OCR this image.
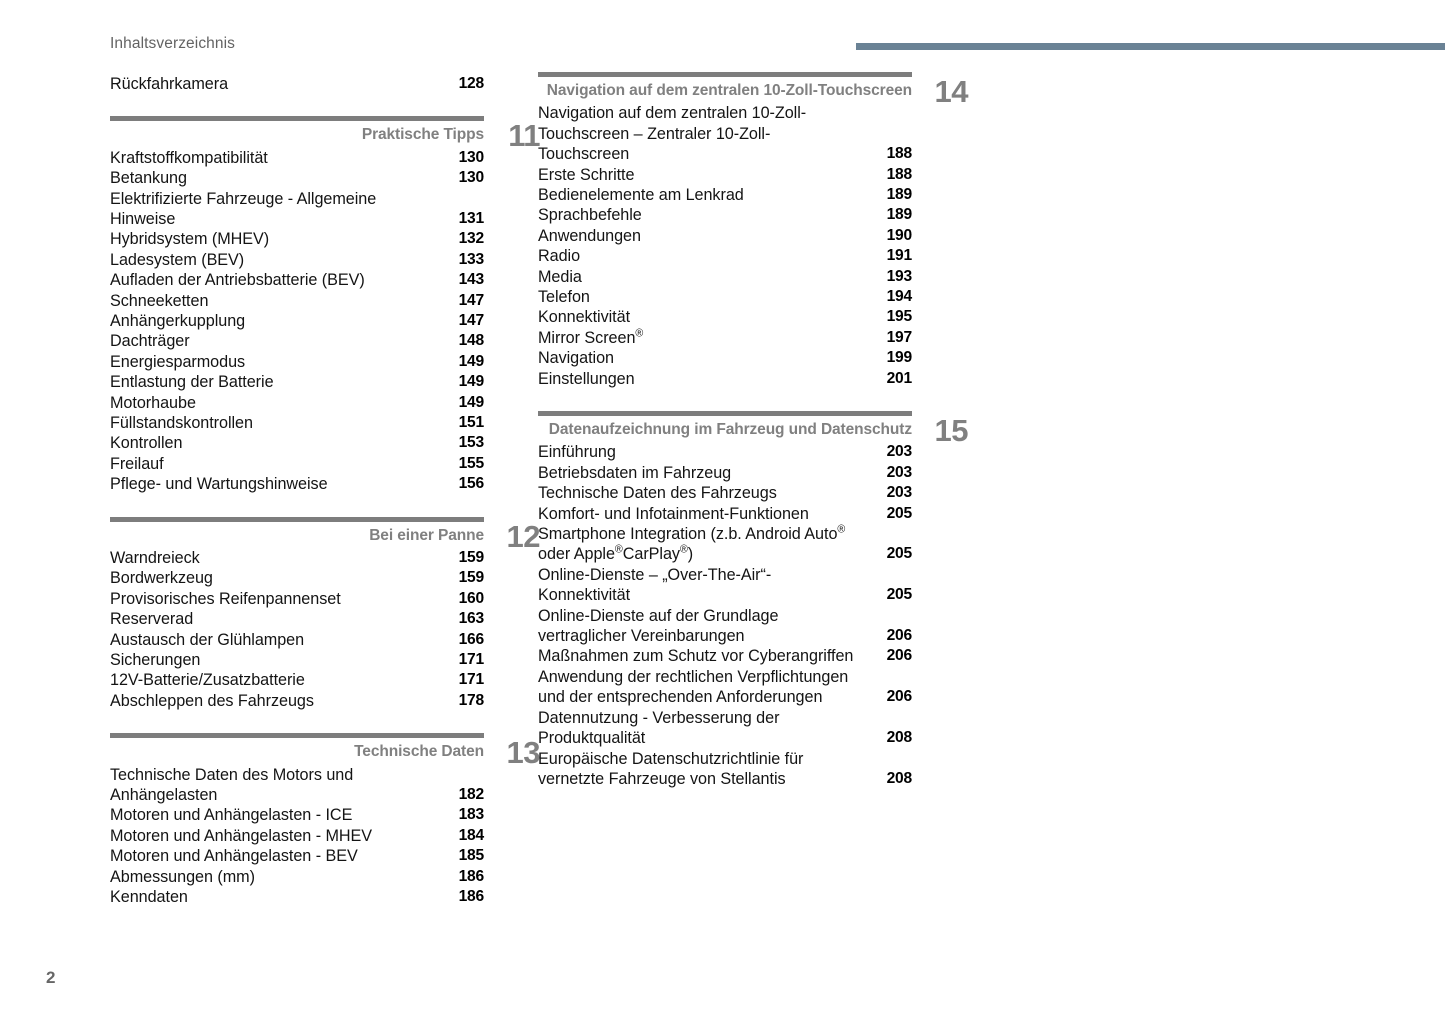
Inhaltsverzeichnis
Rückfahrkamera	128
Praktische Tipps 11
Kraftstoffkompatibilität	130
Betankung	130
Elektrifizierte Fahrzeuge - Allgemeine Hinweise	131
Hybridsystem (MHEV)	132
Ladesystem (BEV)	133
Aufladen der Antriebsbatterie (BEV)	143
Schneeketten	147
Anhängerkupplung	147
Dachträger	148
Energiesparmodus	149
Entlastung der Batterie	149
Motorhaube	149
Füllstandskontrollen	151
Kontrollen	153
Freilauf	155
Pflege- und Wartungshinweise	156
Bei einer Panne 12
Warndreieck	159
Bordwerkzeug	159
Provisorisches Reifenpannenset	160
Reserverad	163
Austausch der Glühlampen	166
Sicherungen	171
12V-Batterie/Zusatzbatterie	171
Abschleppen des Fahrzeugs	178
Technische Daten 13
Technische Daten des Motors und Anhängelasten	182
Motoren und Anhängelasten - ICE	183
Motoren und Anhängelasten - MHEV	184
Motoren und Anhängelasten - BEV	185
Abmessungen (mm)	186
Kenndaten	186
Navigation auf dem zentralen 10-Zoll-Touchscreen 14
Navigation auf dem zentralen 10-Zoll-Touchscreen – Zentraler 10-Zoll-Touchscreen	188
Erste Schritte	188
Bedienelemente am Lenkrad	189
Sprachbefehle	189
Anwendungen	190
Radio	191
Media	193
Telefon	194
Konnektivität	195
Mirror Screen®	197
Navigation	199
Einstellungen	201
Datenaufzeichnung im Fahrzeug und Datenschutz 15
Einführung	203
Betriebsdaten im Fahrzeug	203
Technische Daten des Fahrzeugs	203
Komfort- und Infotainment-Funktionen	205
Smartphone Integration (z.b. Android Auto® oder Apple®CarPlay®)	205
Online-Dienste – „Over-The-Air“-Konnektivität	205
Online-Dienste auf der Grundlage vertraglicher Vereinbarungen	206
Maßnahmen zum Schutz vor Cyberangriffen 206
Anwendung der rechtlichen Verpflichtungen und der entsprechenden Anforderungen	206
Datennutzung - Verbesserung der Produktqualität	208
Europäische Datenschutzrichtlinie für vernetzte Fahrzeuge von Stellantis	208
2
